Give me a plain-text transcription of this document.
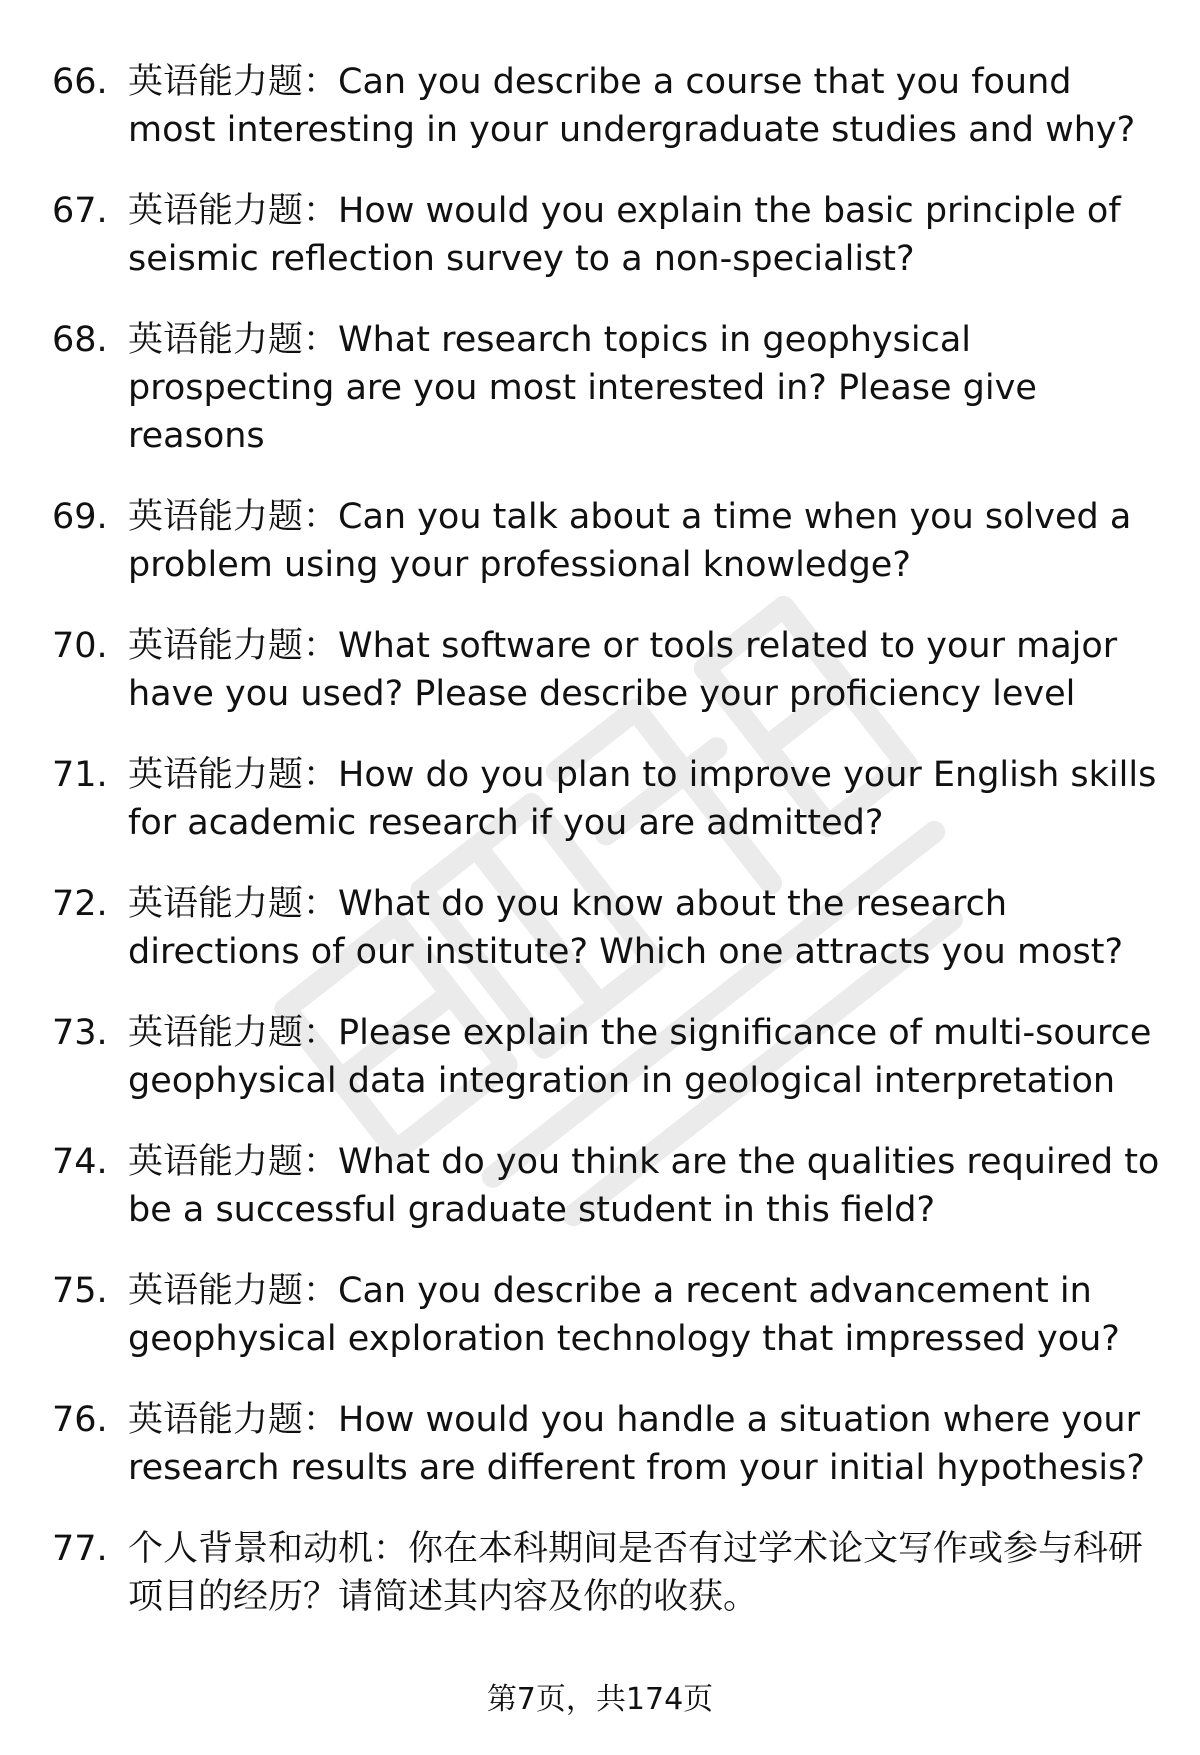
66. 英语能力题：Can you describe a course that you found most interesting in your undergraduate studies and why?
67. 英语能力题：How would you explain the basic principle of seismic reflection survey to a non-specialist?
68. 英语能力题：What research topics in geophysical prospecting are you most interested in? Please give reasons
69. 英语能力题：Can you talk about a time when you solved a problem using your professional knowledge?
70. 英语能力题：What software or tools related to your major have you used? Please describe your proficiency level
71. 英语能力题：How do you plan to improve your English skills for academic research if you are admitted?
72. 英语能力题：What do you know about the research directions of our institute? Which one attracts you most?
73. 英语能力题：Please explain the significance of multi-source geophysical data integration in geological interpretation
74. 英语能力题：What do you think are the qualities required to be a successful graduate student in this field?
75. 英语能力题：Can you describe a recent advancement in geophysical exploration technology that impressed you?
76. 英语能力题：How would you handle a situation where your research results are different from your initial hypothesis?
77. 个人背景和动机：你在本科期间是否有过学术论文写作或参与科研项目的经历？请简述其内容及你的收获。
第7页，共174页
